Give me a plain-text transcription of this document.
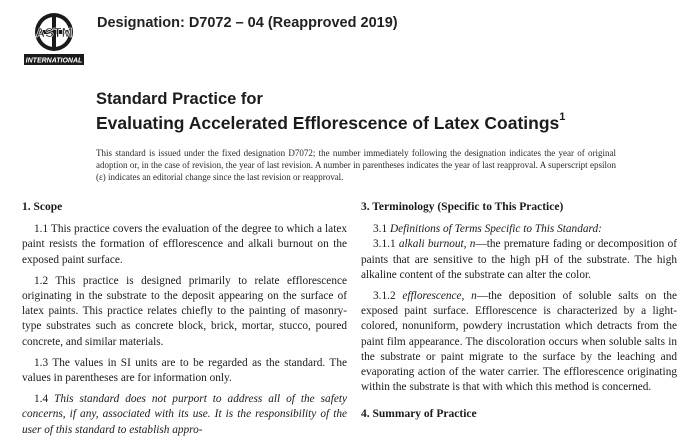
ASTM
INTERNATIONAL
Designation: D7072 – 04 (Reapproved 2019)
Standard Practice for
Evaluating Accelerated Efflorescence of Latex Coatings$^1$
This standard is issued under the fixed designation D7072; the number immediately following the designation indicates the year of original adoption or, in the case of revision, the year of last revision. A number in parentheses indicates the year of last reapproval. A superscript epsilon (ε) indicates an editorial change since the last revision or reapproval.
1. Scope

1.1 This practice covers the evaluation of the degree to which a latex paint resists the formation of efflorescence and alkali burnout on the exposed paint surface.

1.2 This practice is designed primarily to relate efflorescence originating in the substrate to the deposit appearing on the surface of latex paints. This practice relates chiefly to the painting of masonry-type substrates such as concrete block, brick, mortar, stucco, poured concrete, and similar materials.

1.3 The values in SI units are to be regarded as the standard. The values in parentheses are for information only.

1.4 This standard does not purport to address all of the safety concerns, if any, associated with its use. It is the responsibility of the user of this standard to establish appro-

3. Terminology (Specific to This Practice)

3.1 Definitions of Terms Specific to This Standard:

3.1.1 alkali burnout, n—the premature fading or decomposition of paints that are sensitive to the high pH of the substrate. The high alkaline content of the substrate can alter the color.

3.1.2 efflorescence, n—the deposition of soluble salts on the exposed paint surface. Efflorescence is characterized by a light-colored, nonuniform, powdery incrustation which detracts from the paint film appearance. The discoloration occurs when soluble salts in the substrate or paint migrate to the surface by the leaching and evaporating action of the water carrier. The efflorescence originating within the substrate is that with which this method is concerned.

4. Summary of Practice
